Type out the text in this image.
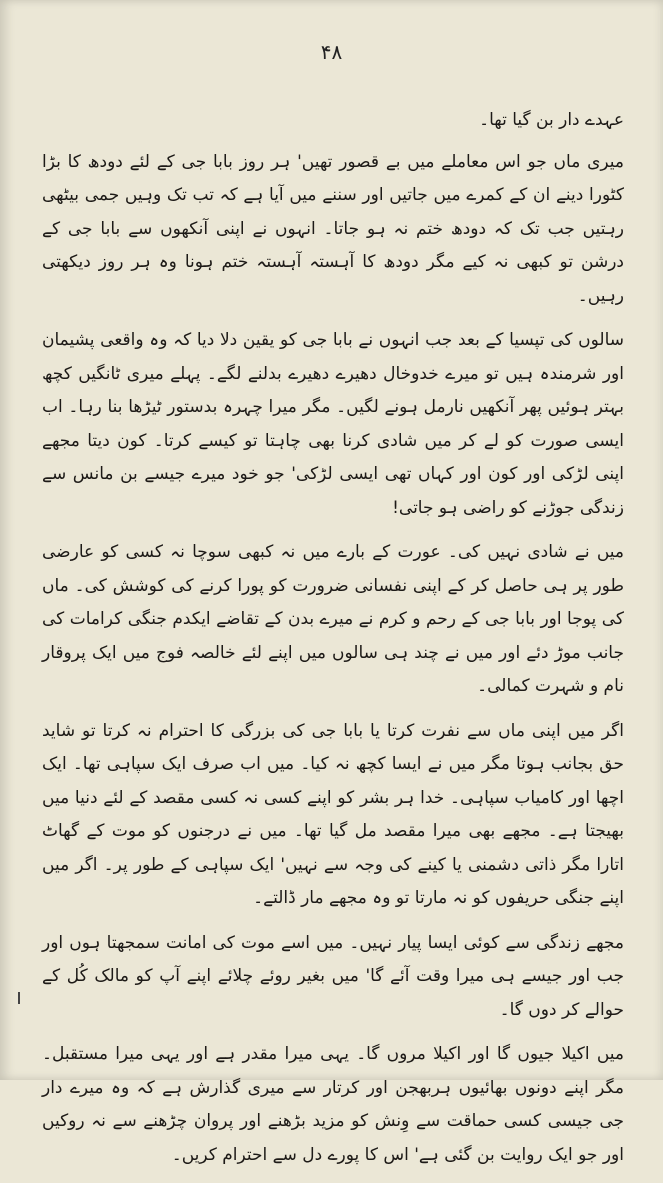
۴۸

عہدے دار بن گیا تھا۔

میری ماں جو اس معاملے میں بے قصور تھیں' ہر روز بابا جی کے لئے دودھ کا بڑا کٹورا دینے ان کے کمرے میں جاتیں اور سننے میں آیا ہے کہ تب تک وہیں جمی بیٹھی رہتیں جب تک کہ دودھ ختم نہ ہو جاتا۔ انہوں نے اپنی آنکھوں سے بابا جی کے درشن تو کبھی نہ کیے مگر دودھ کا آہستہ آہستہ ختم ہونا وہ ہر روز دیکھتی رہیں۔

سالوں کی تپسیا کے بعد جب انہوں نے بابا جی کو یقین دلا دیا کہ وہ واقعی پشیمان اور شرمندہ ہیں تو میرے خدوخال دھیرے دھیرے بدلنے لگے۔ پہلے میری ٹانگیں کچھ بہتر ہوئیں پھر آنکھیں نارمل ہونے لگیں۔ مگر میرا چہرہ بدستور ٹیڑھا بنا رہا۔ اب ایسی صورت کو لے کر میں شادی کرنا بھی چاہتا تو کیسے کرتا۔ کون دیتا مجھے اپنی لڑکی اور کون اور کہاں تھی ایسی لڑکی' جو خود میرے جیسے بن مانس سے زندگی جوڑنے کو راضی ہو جاتی!

میں نے شادی نہیں کی۔ عورت کے بارے میں نہ کبھی سوچا نہ کسی کو عارضی طور پر ہی حاصل کر کے اپنی نفسانی ضرورت کو پورا کرنے کی کوشش کی۔ ماں کی پوجا اور بابا جی کے رحم و کرم نے میرے بدن کے تقاضے ایکدم جنگی کرامات کی جانب موڑ دئے اور میں نے چند ہی سالوں میں اپنے لئے خالصہ فوج میں ایک پروقار نام و شہرت کمالی۔

اگر میں اپنی ماں سے نفرت کرتا یا بابا جی کی بزرگی کا احترام نہ کرتا تو شاید حق بجانب ہوتا مگر میں نے ایسا کچھ نہ کیا۔ میں اب صرف ایک سپاہی تھا۔ ایک اچھا اور کامیاب سپاہی۔ خدا ہر بشر کو اپنے کسی نہ کسی مقصد کے لئے دنیا میں بھیجتا ہے۔ مجھے بھی میرا مقصد مل گیا تھا۔ میں نے درجنوں کو موت کے گھاٹ اتارا مگر ذاتی دشمنی یا کینے کی وجہ سے نہیں' ایک سپاہی کے طور پر۔ اگر میں اپنے جنگی حریفوں کو نہ مارتا تو وہ مجھے مار ڈالتے۔

مجھے زندگی سے کوئی ایسا پیار نہیں۔ میں اسے موت کی امانت سمجھتا ہوں اور جب اور جیسے ہی میرا وقت آئے گا' میں بغیر روئے چلائے اپنے آپ کو مالک کُل کے حوالے کر دوں گا۔

میں اکیلا جیوں گا اور اکیلا مروں گا۔ یہی میرا مقدر ہے اور یہی میرا مستقبل۔ مگر اپنے دونوں بھائیوں ہربھجن اور کرتار سے میری گذارش ہے کہ وہ میرے دار جی جیسی کسی حماقت سے وِنش کو مزید بڑھنے اور پروان چڑھنے سے نہ روکیں اور جو ایک روایت بن گئی ہے' اس کا پورے دل سے احترام کریں۔
